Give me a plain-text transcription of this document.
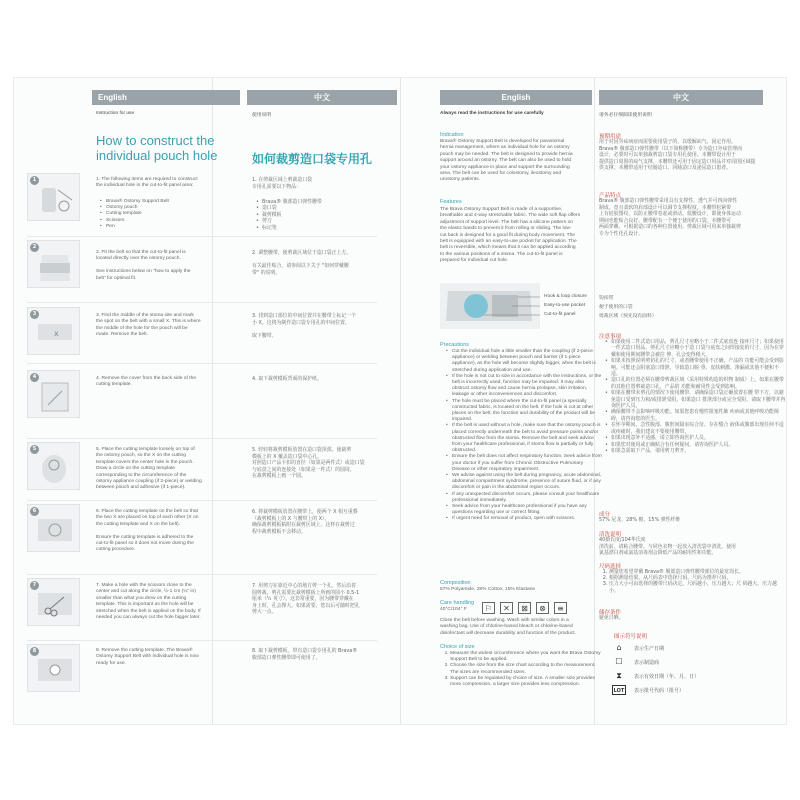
English	中文
Instruction for use	使用说明
How to construct the individual pouch hole	如何裁剪造口袋专用孔
1	1. The following items are required to construct
the individual hole in the cut-to-fit panel area:
• Brava® Ostomy Support Belt
• Ostomy pouch
• Cutting template
• Scissors
• Pen
1. 在剪裁区域上剪裁造口袋
专用孔需要以下物品：
• Brava® 腹部造口弹性腰带
• 造口袋
• 裁剪模板
• 剪刀
• 标记笔
2
2. Fit the belt so that the cut-to-fit panel is
located directly over the ostomy pouch.

See instructions below on "how to apply the
belt" for optimal fit.
2. 调整腰带，使剪裁区域位于造口袋正上方。

有关最佳贴合，请参阅以下关于 "如何穿戴腰
带" 的说明。
3
x
3. Find the middle of the stoma site and mark
the spot on the belt with a small X. This is where
the middle of the hole for the pouch will be
made. Remove the belt.
3. 找到造口部位的中间位置并在腰带上标记一个
小 X。这将为制作造口袋专用孔的中间位置。

取下腰带。
4	4. Remove the cover from the back side of the
cutting template.
4. 取下裁剪模板背面的保护纸。
5	5. Place the cutting template loosely on top of
the ostomy pouch, so the X on the cutting
template covers the center hole in the pouch.
Draw a circle on the cutting template
corresponding to the circumference of the
ostomy appliance coupling (if 2-piece) or welding
between pouch and adhesive (if 1-piece).
5. 轻轻将裁剪模板放置在造口袋顶部，使裁剪
模板上的 X 覆盖造口袋中心孔。
对照造口产品卡扣的直径（如果是两件式）或造口袋
与底盘之间的连接处（如果是一件式）的圆周，
在裁剪模板上画一个圆。
6	6. Place the cutting template on the belt so that
the two X are placed on top of each other (X on
the cutting template and X on the belt).

Ensure the cutting template is adhered to the
cut-to-fit panel so it does not move during the
cutting procedure.
6. 将裁剪模板放置在腰带上，使两个 X 相互重叠
（裁剪模板上的 X 与腰带上的 X）。
确保裁剪模板粘附在裁剪区域上，这样在裁剪过
程中裁剪模板不会移动。
7	7. Make a hole with the scissors close to the
center and cut along the circle, ½-1 cm (¼" in)
smaller than what you drew on the cutting
template. This is important as the hole will be
stretched when the belt is applied on the body. If
needed you can always cut the hole bigger later.
7. 用剪刀在靠近中心的地方剪一个孔，然后沿着
圆剪裁，剪孔需要比裁剪模板上所画的圆小 0.5-1
厘米（¼ 英寸）。这非常重要，因为腰带穿戴在
身上时，孔会撑大。如果需要，您以后可随时把孔
剪大一点。
8	8. Remove the cutting template. The Brava®
Ostomy Support Belt with individual hole is now
ready for use.
8. 取下裁剪模板。带有造口袋专用孔的 Brava®
腹部造口弹性腰带即可使用了。
English	中文
Always read the instructions for use carefully	请务必仔细阅读使用说明
Indication
Brava® Ostomy Support Belt is developed for parastomal
hernia management, where an individual hole for an ostomy
pouch may be needed. The belt is designed to provide hernia
support around an ostomy. The belt can also be used to hold
your ostomy appliance in place and support the surrounding
area. The belt can be used for colostomy, ileostomy and
urostomy patients.
Features
The Brava Ostomy Support Belt is made of a supportive,
breathable and 4-way stretchable fabric. The wide soft flap offers
adjustment of support level. The belt has a silicone pattern on
the elastic bands to prevent it from rolling or sliding. The low-
cut back is designed for a good fit during body movement. The
belt is equipped with an easy-to-use pocket for application. The
belt is reversible, which means that it can be applied according
to the various positions of a stoma. The cut-to-fit panel is
prepared for individual cut hole.
预期用途
用于对因旁疝病症而需要使用袋子的，以缓解疝气、固定作用。
Brava® 腹部造口弹性腰带（以下简称腰带）专为造口旁疝管理而
设计，必要时可以单独裁剪造口袋专用孔使用。本腰带设计用于
提供造口周围的疝气支撑。本腰带还可用于固定造口用品并对周围区域提
供支撑。本腰带适用于结肠造口、回肠造口及泌尿造口患者。
产品特点
Brava® 腹部造口弹性腰带采用具有支撑性、透气并可四向弹性
制成。宽且柔软的肩部设计可以调节支撑程度。本腰带松紧带
上有硅胶图纹，以防止腰带卷起或滑动。低腰设计，即使身体运动
期间也能贴合良好。腰带配有一个便于使用的口袋。本腰带可
两面穿戴，可根据造口的各种位置使用。剪裁区域可用来单独裁剪
专为个性化孔设计。
Hook & loop closure
Easy-to-use pocket
Cut-to-fit panel
钩扣带
便于使用的口袋
剪裁区域（预先设有面料）
Precautions
• Cut the individual hole a little smaller than the coupling (if 2-piece appliance) or welding between pouch and barrier (if 1-piece appliance), as the hole will become slightly bigger, when the belt is stretched during application and use.
• If the hole is not cut to size in accordance with the instructions, or the belt is incorrectly used, function may be impaired. It may also obstruct ostomy flow and cause hernia prolapse, skin irritation, leakage or other inconveniences and discomfort.
• The hole must be placed where the cut-to-fit panel (a specially constructed fabric, is located on the belt. If the hole is cut at other places on the belt, the function and durability of the product will be impaired.
• If the belt is used without a hole, make sure that the ostomy pouch is placed correctly underneath the belt to avoid pressure points and/or obstructed flow from the stoma. Remove the belt and seek advice from your healthcare professional, if stoma flow is partially or fully obstructed.
• Ensure the belt does not affect respiratory function. Seek advice from your doctor if you suffer from Chronic Obstructive Pulmonary Disease or other respiratory impairment.
• We advise against using the belt during pregnancy, acute abdominal, abdominal compartment syndrome, presence of suture fluid, or if any discomfort or pain in the abdominal region occurs.
• If any unexpected discomfort occurs, please consult your healthcare professional immediately.
• Seek advice from your healthcare professional if you have any questions regarding use or correct fitting.
• If urgent need for removal of product, open with scissors.
Composition
57% Polyamide, 28% Cotton, 15% Elastane
Care handling
40°C/104° F	⚐	✕	⊠	⊗	≡
Close the belt before washing. Wash with similar colors in a
washing bag. Use of chlorine-based bleach or chlorine-based
disinfectant will decrease durability and function of the product.
Choice of size
1. Measure the widest circumference where you want the Brava Ostomy Support Belt to be applied.
2. Choose the size from the size chart according to the measurement. The sizes are recommended sizes.
3. Support can be regulated by choice of size. A smaller size provides more compression, a larger size provides less compression.
注意事项
• 如果使用二件式造口用品，剪孔尺寸应略小于二件式底盘连 接环尺寸；如果使用一件式造口用品，剪孔尺寸应略小于造 口袋与底盘之间焊接处的尺寸，因为在穿戴和使用期间腰带会被拉 伸，孔会变得稍大。
• 如果未按照说明剪切孔的尺寸，或者腰带使用不正确，产品的 功能可能会受到影响。可能还会阻塞造口排泄，导致造口脱 垂、皮肤刺激、渗漏或其他不便和不适。
• 造口孔的位置必须在腰带剪裁区域（采用特殊构造的织物 制成）上。如果在腰带的其他位置剪裁造口孔，产品的 功能和耐用性会受到影响。
• 如果在腰带未剪孔的情况下使用腰带，请确保造口袋正确放置在腰 带下方，以避免造口受到压力和/或排泄受阻。如果造口 排泄部分或完全受阻，请取下腰带并咨询医护人员。
• 确保腰带不会影响呼吸功能。如果您患有慢性阻塞性肺 疾病或其他呼吸功能障碍，请咨询您的医生。
• 在怀孕期间、急性腹部、腹腔间隔室综合征、存在缝合 液体或腹部出现任何不适或疼痛时，我们建议不要使用腰带。
• 如果出现意外不适感，请立即咨询医护人员。
• 如果您对使用或正确贴合有任何疑问，请咨询医护人员。
• 如果急需取下产品，请用剪刀剪开。
成分
57% 尼龙，28% 棉，15% 弹性纤维
清洗说明
40摄氏度/104华氏度
清洗前，请粘合腰带。与同色衣物一起放入清洗袋中清洗。使用
氯基漂白剂或氯基消毒剂会降低产品的耐用性和功能。
尺码选择
1. 测量您希望穿戴 Brava® 腹部造口弹性腰带部位的最宽周长。
2. 根据测量结果，从尺码表中选择尺码。尺码为推荐尺码。
3. 压力大小可由选择的腰带尺码决定。尺码越小，压力越大；尺 码越大，压力越小。
储存条件
避免日晒。
图示符号说明
⌂	表示生产日期
☐	表示制造商
⧗	表示有效日期（年、月、日）
LOT	表示批号代码（批号）
